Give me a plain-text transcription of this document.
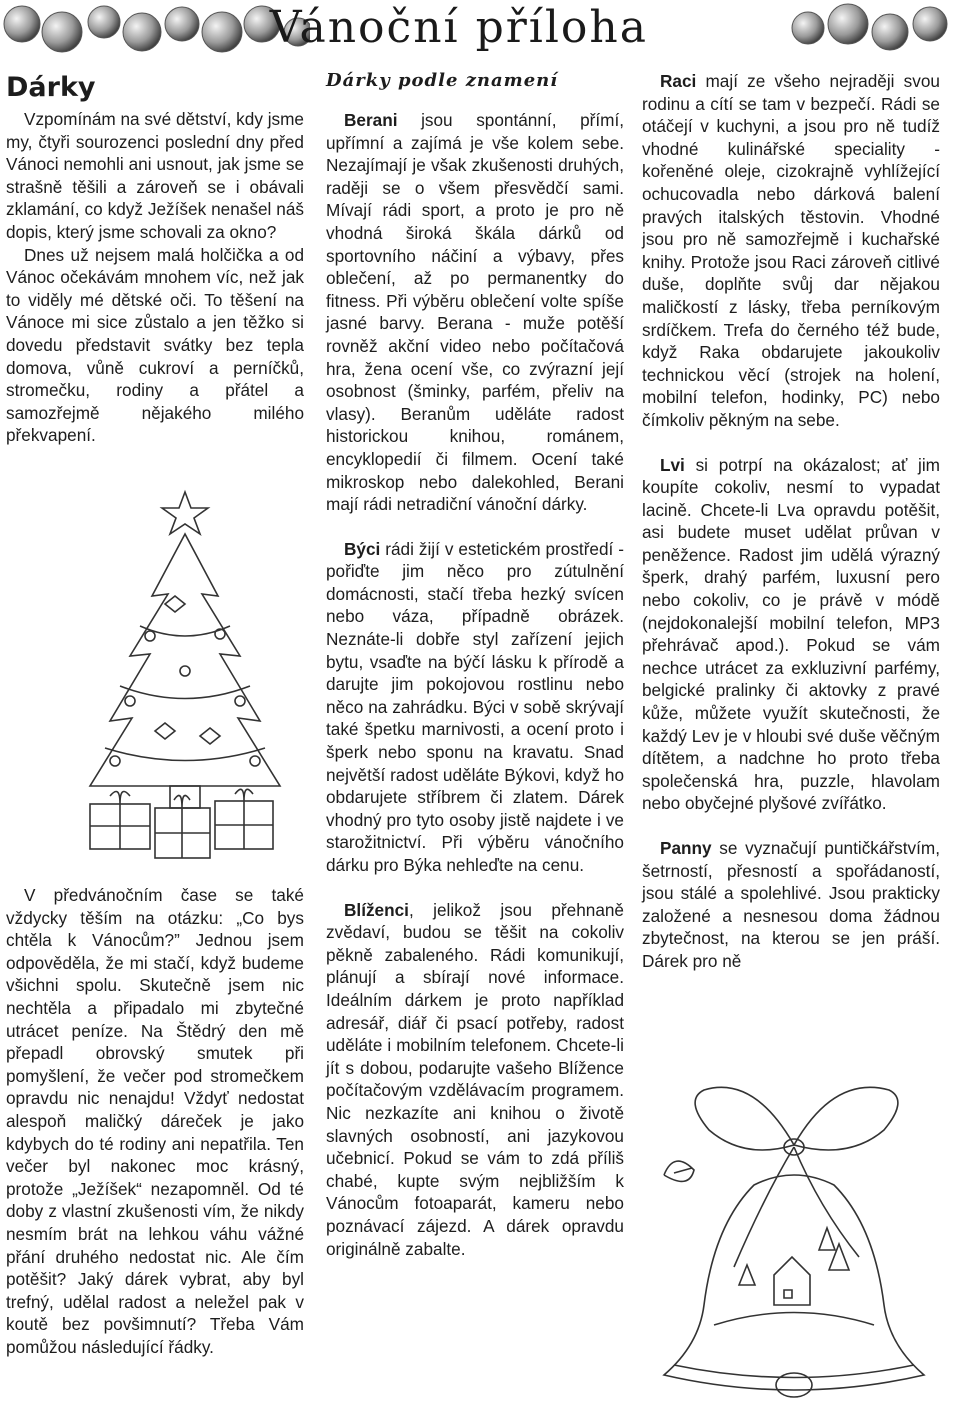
Vánoční příloha
Dárky

Vzpomínám na své dětství, kdy jsme my, čtyři sourozenci poslední dny před Vánoci nemohli ani usnout, jak jsme se strašně těšili a zároveň se i obávali zklamání, co když Ježíšek nenašel náš dopis, který jsme schovali za okno?

Dnes už nejsem malá holčička a od Vánoc očekávám mnohem víc, než jak to viděly mé dětské oči. To těšení na Vánoce mi sice zůstalo a jen těžko si dovedu představit svátky bez tepla domova, vůně cukroví a perníčků, stromečku, rodiny a přátel a samozřejmě nějakého milého překvapení.

V předvánočním čase se také vždycky těším na otázku: „Co bys chtěla k Vánocům?” Jednou jsem odpověděla, že mi stačí, když budeme všichni spolu. Skutečně jsem nic nechtěla a připadalo mi zbytečné utrácet peníze. Na Štědrý den mě přepadl obrovský smutek při pomyšlení, že večer pod stromečkem opravdu nic nenajdu! Vždyť nedostat alespoň maličký dáreček je jako kdybych do té rodiny ani nepatřila. Ten večer byl nakonec moc krásný, protože „Ježíšek“ nezapomněl. Od té doby z vlastní zkušenosti vím, že nikdy nesmím brát na lehkou váhu vážné přání druhého nedostat nic. Ale čím potěšit? Jaký dárek vybrat, aby byl trefný, udělal radost a neležel pak v koutě bez povšimnutí? Třeba Vám pomůžou následující řádky.

Dárky podle znamení

Berani jsou spontánní, přímí, upřímní a zajímá je vše kolem sebe. Nezajímají je však zkušenosti druhých, raději se o všem přesvědčí sami. Mívají rádi sport, a proto je pro ně vhodná široká škála dárků od sportovního náčiní a výbavy, přes oblečení, až po permanentky do fitness. Při výběru oblečení volte spíše jasné barvy. Berana - muže potěší rovněž akční video nebo počítačová hra, žena ocení vše, co zvýrazní její osobnost (šminky, parfém, přeliv na vlasy). Beranům uděláte radost historickou knihou, románem, encyklopedií či filmem. Ocení také mikroskop nebo dalekohled, Berani mají rádi netradiční vánoční dárky.

Býci rádi žijí v estetickém prostředí - pořiďte jim něco pro zútulnění domácnosti, stačí třeba hezký svícen nebo váza, případně obrázek. Neznáte-li dobře styl zařízení jejich bytu, vsaďte na býčí lásku k přírodě a darujte jim pokojovou rostlinu nebo něco na zahrádku. Býci v sobě skrývají také špetku marnivosti, a ocení proto i šperk nebo sponu na kravatu. Snad největší radost uděláte Býkovi, když ho obdarujete stříbrem či zlatem. Dárek vhodný pro tyto osoby jistě najdete i ve starožitnictví. Při výběru vánočního dárku pro Býka nehleďte na cenu.

Blíženci, jelikož jsou přehnaně zvědaví, budou se těšit na cokoliv pěkně zabaleného. Rádi komunikují, plánují a sbírají nové informace. Ideálním dárkem je proto například adresář, diář či psací potřeby, radost uděláte i mobilním telefonem. Chcete-li jít s dobou, podarujte vašeho Blížence počítačovým vzdělávacím programem. Nic nezkazíte ani knihou o životě slavných osobností, ani jazykovou učebnicí. Pokud se vám to zdá příliš chabé, kupte svým nejbližším k Vánocům fotoaparát, kameru nebo poznávací zájezd. A dárek opravdu originálně zabalte.

Raci mají ze všeho nejraději svou rodinu a cítí se tam v bezpečí. Rádi se otáčejí v kuchyni, a jsou pro ně tudíž vhodné kulinářské speciality - kořeněné oleje, cizokrajně vyhlížející ochucovadla nebo dárková balení pravých italských těstovin. Vhodné jsou pro ně samozřejmě i kuchařské knihy. Protože jsou Raci zároveň citlivé duše, doplňte svůj dar nějakou maličkostí z lásky, třeba perníkovým srdíčkem. Trefa do černého též bude, když Raka obdarujete jakoukoliv technickou věcí (strojek na holení, mobilní telefon, hodinky, PC) nebo čímkoliv pěkným na sebe.

Lvi si potrpí na okázalost; ať jim koupíte cokoliv, nesmí to vypadat lacině. Chcete-li Lva opravdu potěšit, asi budete muset udělat průvan v peněžence. Radost jim udělá výrazný šperk, drahý parfém, luxusní pero nebo cokoliv, co je právě v módě (nejdokonalejší mobilní telefon, MP3 přehrávač apod.). Pokud se vám nechce utrácet za exkluzivní parfémy, belgické pralinky či aktovky z pravé kůže, můžete využít skutečnosti, že každý Lev je v hloubi své duše věčným dítětem, a nadchne ho proto třeba společenská hra, puzzle, hlavolam nebo obyčejné plyšové zvířátko.

Panny se vyznačují puntičkářstvím, šetrností, přesností a spořádaností, jsou stálé a spolehlivé. Jsou prakticky založené a nesnesou doma žádnou zbytečnost, na kterou se jen práší. Dárek pro ně
